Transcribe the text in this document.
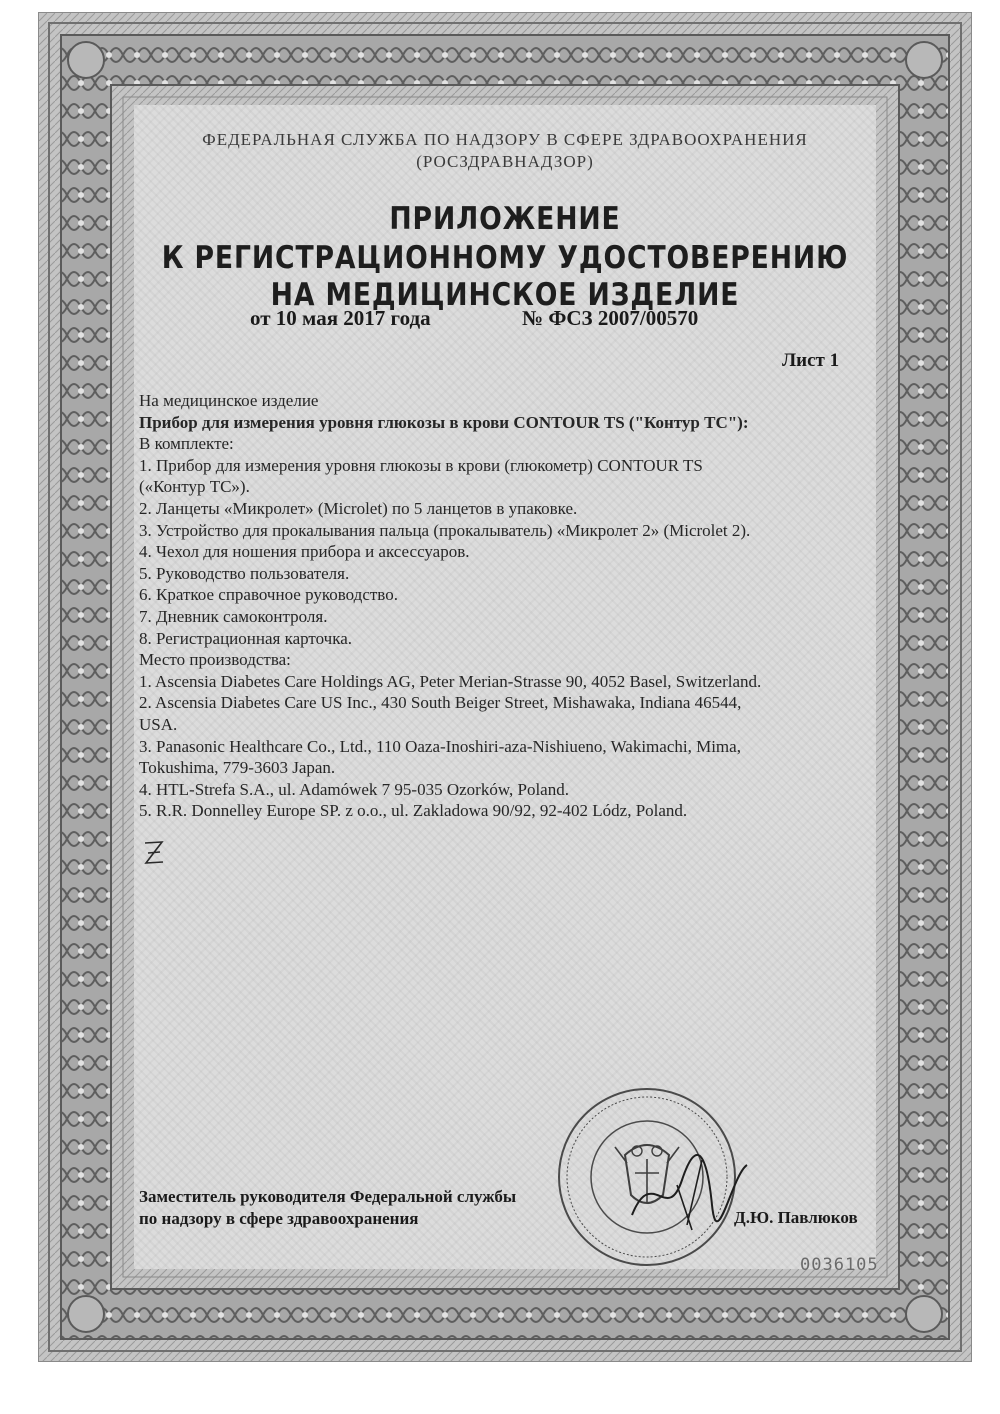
ФЕДЕРАЛЬНАЯ СЛУЖБА ПО НАДЗОРУ В СФЕРЕ ЗДРАВООХРАНЕНИЯ
(РОСЗДРАВНАДЗОР)
ПРИЛОЖЕНИЕ
К РЕГИСТРАЦИОННОМУ УДОСТОВЕРЕНИЮ
НА МЕДИЦИНСКОЕ ИЗДЕЛИЕ
от 10 мая 2017 года	№ ФСЗ 2007/00570
Лист 1
На медицинское изделие
Прибор для измерения уровня глюкозы в крови CONTOUR TS ("Контур ТС"):
В комплекте:
1. Прибор для измерения уровня глюкозы в крови (глюкометр) CONTOUR TS
(«Контур ТС»).
2. Ланцеты «Микролет» (Microlet) по 5 ланцетов в упаковке.
3. Устройство для прокалывания пальца (прокалыватель) «Микролет 2» (Microlet 2).
4. Чехол для ношения прибора и аксессуаров.
5. Руководство пользователя.
6. Краткое справочное руководство.
7. Дневник самоконтроля.
8. Регистрационная карточка.
Место производства:
1. Ascensia Diabetes Care Holdings AG, Peter Merian-Strasse 90, 4052 Basel, Switzerland.
2. Ascensia Diabetes Care US Inc., 430 South Beiger Street, Mishawaka, Indiana 46544,
USA.
3. Panasonic Healthcare Co., Ltd., 110 Oaza-Inoshiri-aza-Nishiueno, Wakimachi, Mima,
Tokushima, 779-3603 Japan.
4. HTL-Strefa S.A., ul. Adamówek 7 95-035 Ozorków, Poland.
5. R.R. Donnelley Europe SP. z o.o., ul. Zakladowa 90/92, 92-402 Lódz, Poland.
Заместитель руководителя Федеральной службы
по надзору в сфере здравоохранения	Д.Ю. Павлюков
0036105
